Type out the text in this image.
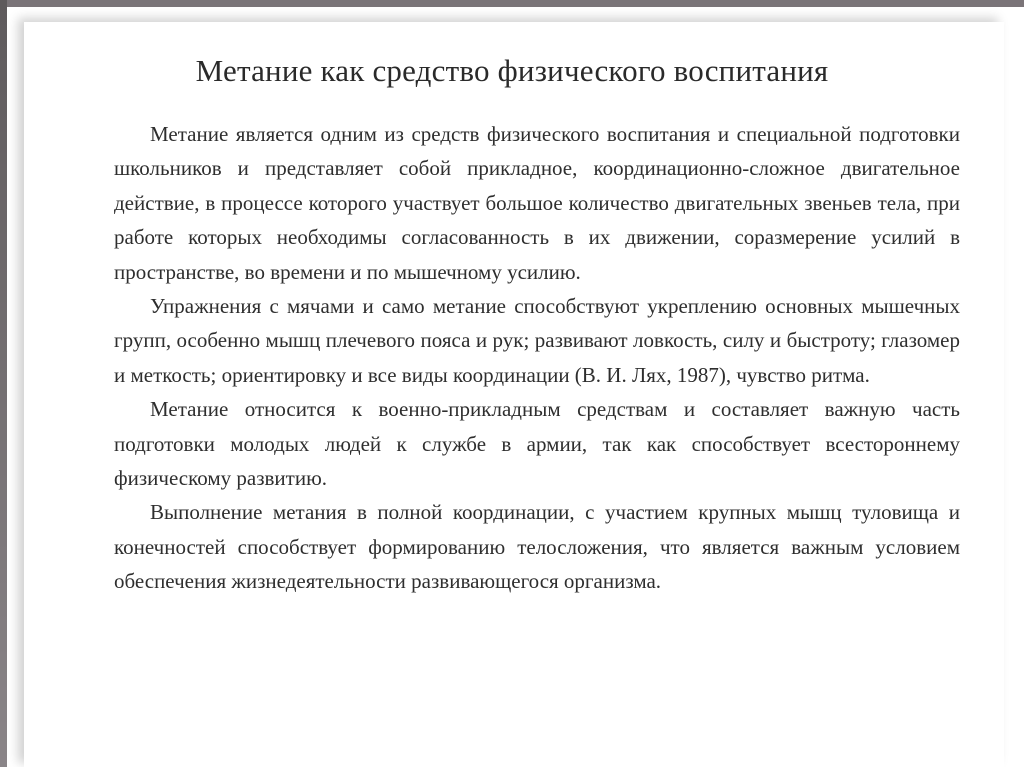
Метание как средство физического воспитания

Метание является одним из средств физического воспитания и специальной подготовки школьников и представляет собой прикладное, координационно-сложное двигательное действие, в процессе которого участвует большое количество двигательных звеньев тела, при работе которых необходимы согласованность в их движении, соразмерение усилий в пространстве, во времени и по мышечному усилию.

Упражнения с мячами и само метание способствуют укреплению основных мышечных групп, особенно мышц плечевого пояса и рук; развивают ловкость, силу и быстроту; глазомер и меткость; ориентировку и все виды координации (В. И. Лях, 1987), чувство ритма.

Метание относится к военно-прикладным средствам и составляет важную часть подготовки молодых людей к службе в армии, так как способствует всестороннему физическому развитию.

Выполнение метания в полной координации, с участием крупных мышц туловища и конечностей способствует формированию телосложения, что является важным условием обеспечения жизнедеятельности развивающегося организма.
